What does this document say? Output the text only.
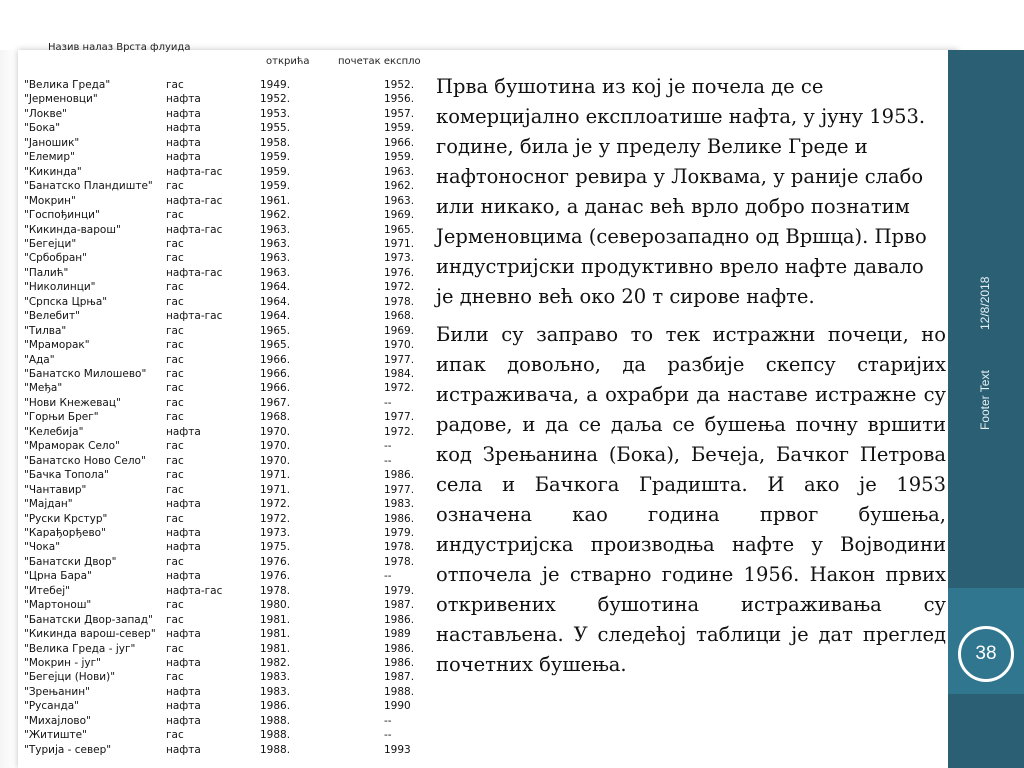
12/8/2018
Footer Text
38
Назив налаз Врста флуида
открића	почетак експло
"Велика Греда"	гас	1949.	1952.
"Јерменовци"	нафта	1952.	1956.
"Локве"	нафта	1953.	1957.
"Бока"	нафта	1955.	1959.
"Јаношик"	нафта	1958.	1966.
"Елемир"	нафта	1959.	1959.
"Кикинда"	нафта-гас	1959.	1963.
"Банатско Пландиште" гас	1959.	1962.
"Мокрин"	нафта-гас	1961.	1963.
"Госпођинци"	гас	1962.	1969.
"Кикинда-варош"	нафта-гас	1963.	1965.
"Бегејци"	гас	1963.	1971.
"Србобран"	гас	1963.	1973.
"Палић"	нафта-гас	1963.	1976.
"Николинци"	гас	1964.	1972.
"Српска Црња"	гас	1964.	1978.
"Велебит"	нафта-гас	1964.	1968.
"Тилва"	гас	1965.	1969.
"Мраморак"	гас	1965.	1970.
"Ада"	гас	1966.	1977.
"Банатско Милошево" гас	1966.	1984.
"Међа"	гас	1966.	1972.
"Нови Кнежевац"	гас	1967.	--
"Горњи Брег"	гас	1968.	1977.
"Келебија"	нафта	1970.	1972.
"Мраморак Село"	гас	1970.	--
"Банатско Ново Село" гас	1970.	--
"Бачка Топола"	гас	1971.	1986.
"Чантавир"	гас	1971.	1977.
"Мајдан"	нафта	1972.	1983.
"Руски Крстур"	гас	1972.	1986.
"Карађорђево"	нафта	1973.	1979.
"Чока"	нафта	1975.	1978.
"Банатски Двор"	гас	1976.	1978.
"Црна Бара"	нафта	1976.	--
"Итебеј"	нафта-гас	1978.	1979.
"Мартонош"	гас	1980.	1987.
"Банатски Двор-запад" гас	1981.	1986.
"Кикинда варош-север" нафта	1981.	1989
"Велика Греда - југ"	гас	1981.	1986.
"Мокрин - југ"	нафта	1982.	1986.
"Бегејци (Нови)"	гас	1983.	1987.
"Зрењанин"	нафта	1983.	1988.
"Русанда"	нафта	1986.	1990
"Михајлово"	нафта	1988.	--
"Житиште"	гас	1988.	--
"Турија - север"	нафта	1988.	1993

Прва бушотина из кој је почела де се комерцијално експлоатише нафта, у јуну 1953. године, била је у пределу Велике Греде и нафтоносног ревира у Локвама, у раније слабо или никако, а данас већ врло добро познатим Јерменовцима (северозападно од Вршца). Прво индустријски продуктивно врело нафте давало је дневно већ око 20 т сирове нафте.

Били су заправо то тек истражни почеци, но ипак довољно, да разбије скепсу старијих истраживача, а охрабри да наставе истражне су радове, и да се даља се бушења почну вршити код Зрењанина (Бока), Бечеја, Бачког Петрова села и Бачкога Градишта. И ако је 1953 означена као година првог бушења, индустријска производња нафте у Војводини отпочела је стварно године 1956. Након првих откривених бушотина истраживања су настављена. У следећој таблици је дат преглед почетних бушења.
